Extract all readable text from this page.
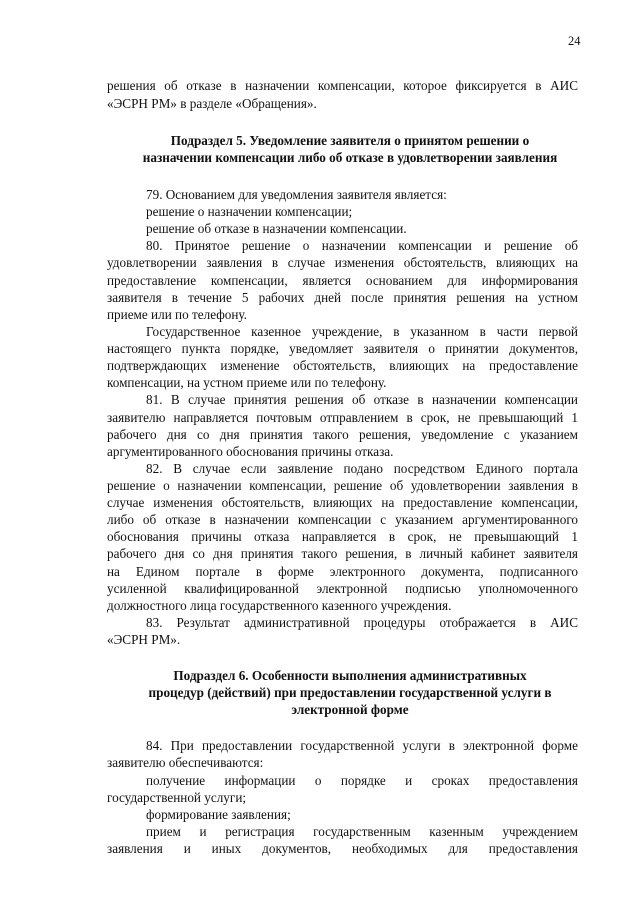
24
решения об отказе в назначении компенсации, которое фиксируется в АИС
«ЭСРН РМ» в разделе «Обращения».
Подраздел 5. Уведомление заявителя о принятом решении о
назначении компенсации либо об отказе в удовлетворении заявления
79. Основанием для уведомления заявителя является:
решение о назначении компенсации;
решение об отказе в назначении компенсации.
80. Принятое решение о назначении компенсации и решение об
удовлетворении заявления в случае изменения обстоятельств, влияющих на
предоставление компенсации, является основанием для информирования
заявителя в течение 5 рабочих дней после принятия решения на устном
приеме или по телефону.
Государственное казенное учреждение, в указанном в части первой
настоящего пункта порядке, уведомляет заявителя о принятии документов,
подтверждающих изменение обстоятельств, влияющих на предоставление
компенсации, на устном приеме или по телефону.
81. В случае принятия решения об отказе в назначении компенсации
заявителю направляется почтовым отправлением в срок, не превышающий 1
рабочего дня со дня принятия такого решения, уведомление с указанием
аргументированного обоснования причины отказа.
82. В случае если заявление подано посредством Единого портала
решение о назначении компенсации, решение об удовлетворении заявления в
случае изменения обстоятельств, влияющих на предоставление компенсации,
либо об отказе в назначении компенсации с указанием аргументированного
обоснования причины отказа направляется в срок, не превышающий 1
рабочего дня со дня принятия такого решения, в личный кабинет заявителя
на Едином портале в форме электронного документа, подписанного
усиленной квалифицированной электронной подписью уполномоченного
должностного лица государственного казенного учреждения.
83. Результат административной процедуры отображается в АИС
«ЭСРН РМ».
Подраздел 6. Особенности выполнения административных
процедур (действий) при предоставлении государственной услуги в
электронной форме
84. При предоставлении государственной услуги в электронной форме
заявителю обеспечиваются:
получение информации о порядке и сроках предоставления
государственной услуги;
формирование заявления;
прием и регистрация государственным казенным учреждением
заявления и иных документов, необходимых для предоставления
